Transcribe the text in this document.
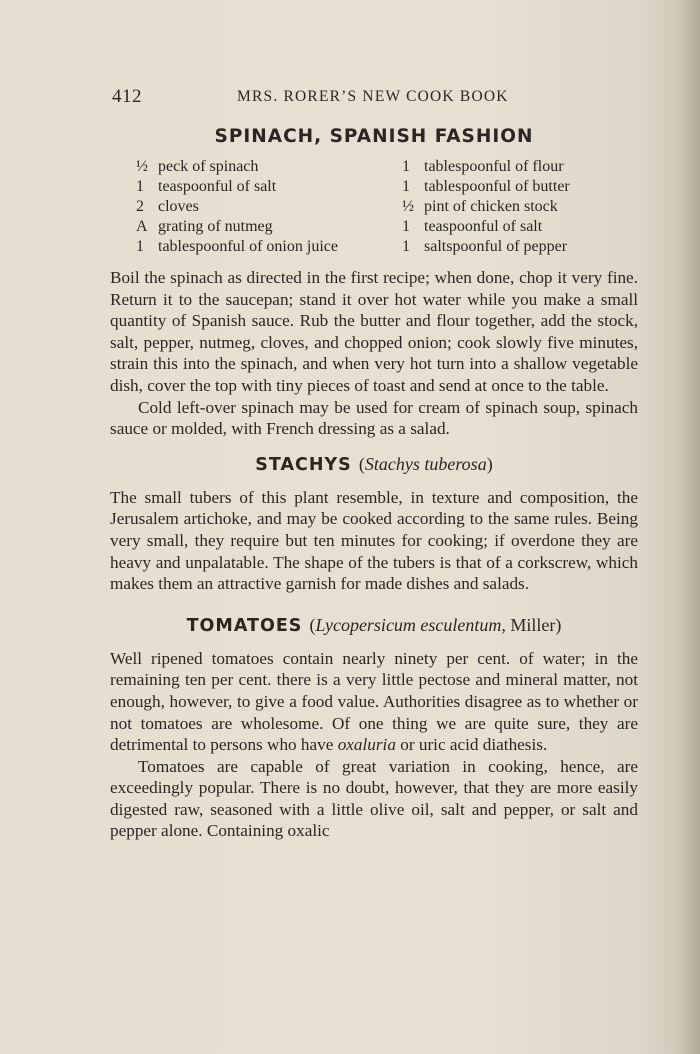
412	MRS. RORER’S NEW COOK BOOK
SPINACH, SPANISH FASHION
½ peck of spinach
1 teaspoonful of salt
2 cloves
A grating of nutmeg
1 tablespoonful of onion juice
1 tablespoonful of flour
1 tablespoonful of butter
½ pint of chicken stock
1 teaspoonful of salt
1 saltspoonful of pepper

Boil the spinach as directed in the first recipe; when done, chop it very fine. Return it to the saucepan; stand it over hot water while you make a small quantity of Spanish sauce. Rub the butter and flour together, add the stock, salt, pepper, nutmeg, cloves, and chopped onion; cook slowly five minutes, strain this into the spinach, and when very hot turn into a shallow vegetable dish, cover the top with tiny pieces of toast and send at once to the table.

Cold left-over spinach may be used for cream of spinach soup, spinach sauce or molded, with French dressing as a salad.

STACHYS (Stachys tuberosa)

The small tubers of this plant resemble, in texture and composition, the Jerusalem artichoke, and may be cooked according to the same rules. Being very small, they require but ten minutes for cooking; if overdone they are heavy and unpalatable. The shape of the tubers is that of a corkscrew, which makes them an attractive garnish for made dishes and salads.

TOMATOES (Lycopersicum esculentum, Miller)

Well ripened tomatoes contain nearly ninety per cent. of water; in the remaining ten per cent. there is a very little pectose and mineral matter, not enough, however, to give a food value. Authorities disagree as to whether or not tomatoes are wholesome. Of one thing we are quite sure, they are detrimental to persons who have oxaluria or uric acid diathesis.

Tomatoes are capable of great variation in cooking, hence, are exceedingly popular. There is no doubt, however, that they are more easily digested raw, seasoned with a little olive oil, salt and pepper, or salt and pepper alone. Containing oxalic
